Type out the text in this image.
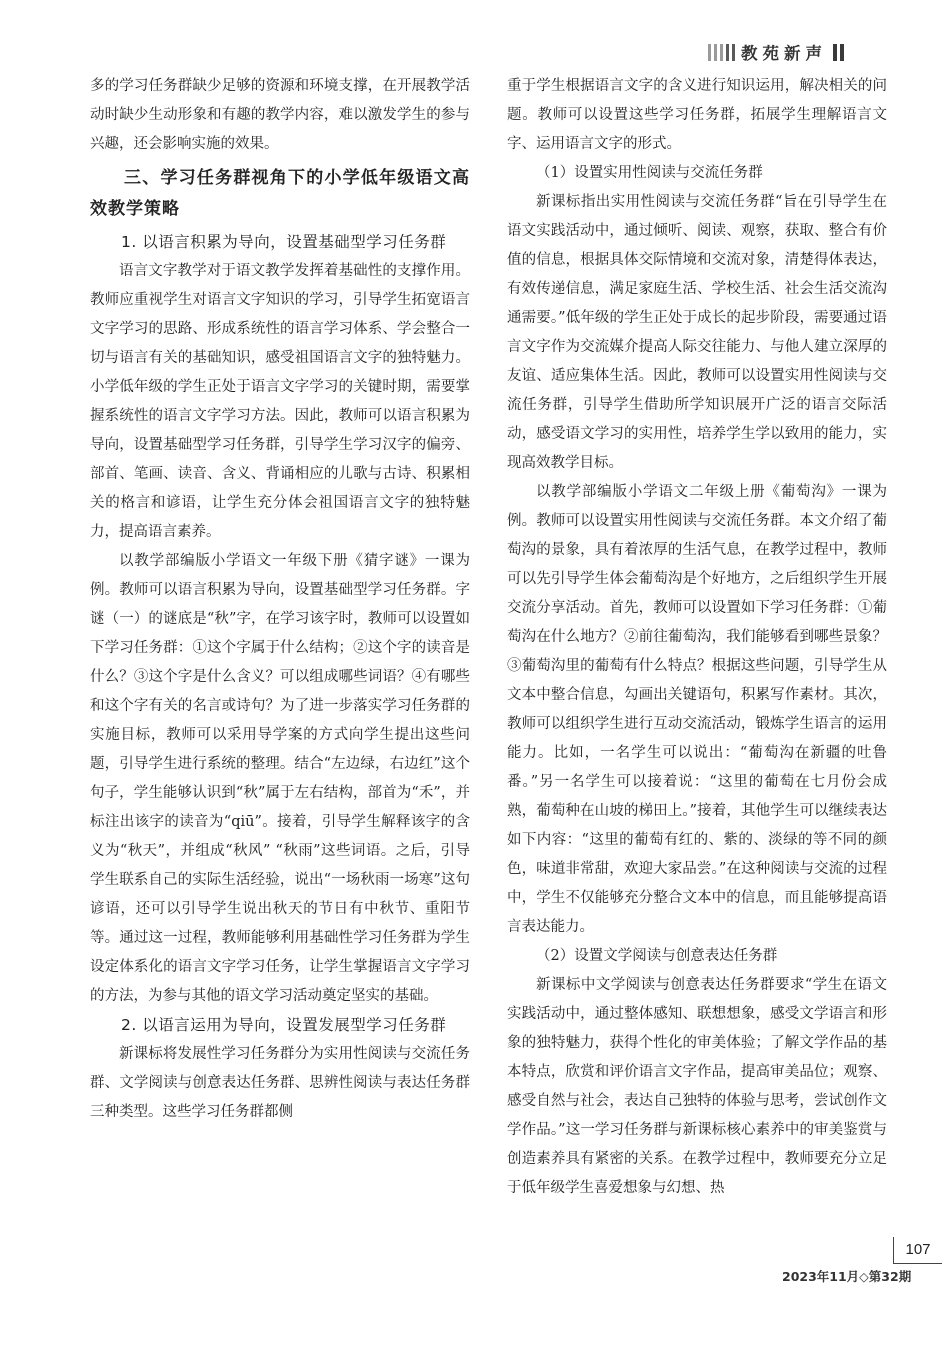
教苑新声

多的学习任务群缺少足够的资源和环境支撑，在开展教学活动时缺少生动形象和有趣的教学内容，难以激发学生的参与兴趣，还会影响实施的效果。

三、学习任务群视角下的小学低年级语文高效教学策略
1. 以语言积累为导向，设置基础型学习任务群

语言文字教学对于语文教学发挥着基础性的支撑作用。教师应重视学生对语言文字知识的学习，引导学生拓宽语言文字学习的思路、形成系统性的语言学习体系、学会整合一切与语言有关的基础知识，感受祖国语言文字的独特魅力。小学低年级的学生正处于语言文字学习的关键时期，需要掌握系统性的语言文字学习方法。因此，教师可以语言积累为导向，设置基础型学习任务群，引导学生学习汉字的偏旁、部首、笔画、读音、含义、背诵相应的儿歌与古诗、积累相关的格言和谚语，让学生充分体会祖国语言文字的独特魅力，提高语言素养。

以教学部编版小学语文一年级下册《猜字谜》一课为例。教师可以语言积累为导向，设置基础型学习任务群。字谜（一）的谜底是“秋”字，在学习该字时，教师可以设置如下学习任务群：①这个字属于什么结构；②这个字的读音是什么？③这个字是什么含义？可以组成哪些词语？④有哪些和这个字有关的名言或诗句？为了进一步落实学习任务群的实施目标，教师可以采用导学案的方式向学生提出这些问题，引导学生进行系统的整理。结合“左边绿，右边红”这个句子，学生能够认识到“秋”属于左右结构，部首为“禾”，并标注出该字的读音为“qiū”。接着，引导学生解释该字的含义为“秋天”，并组成“秋风” “秋雨”这些词语。之后，引导学生联系自己的实际生活经验，说出“一场秋雨一场寒”这句谚语，还可以引导学生说出秋天的节日有中秋节、重阳节等。通过这一过程，教师能够利用基础性学习任务群为学生设定体系化的语言文字学习任务，让学生掌握语言文字学习的方法，为参与其他的语文学习活动奠定坚实的基础。

2. 以语言运用为导向，设置发展型学习任务群

新课标将发展性学习任务群分为实用性阅读与交流任务群、文学阅读与创意表达任务群、思辨性阅读与表达任务群三种类型。这些学习任务群都侧

重于学生根据语言文字的含义进行知识运用，解决相关的问题。教师可以设置这些学习任务群，拓展学生理解语言文字、运用语言文字的形式。

（1）设置实用性阅读与交流任务群

新课标指出实用性阅读与交流任务群“旨在引导学生在语文实践活动中，通过倾听、阅读、观察，获取、整合有价值的信息，根据具体交际情境和交流对象，清楚得体表达，有效传递信息，满足家庭生活、学校生活、社会生活交流沟通需要。”低年级的学生正处于成长的起步阶段，需要通过语言文字作为交流媒介提高人际交往能力、与他人建立深厚的友谊、适应集体生活。因此，教师可以设置实用性阅读与交流任务群，引导学生借助所学知识展开广泛的语言交际活动，感受语文学习的实用性，培养学生学以致用的能力，实现高效教学目标。

以教学部编版小学语文二年级上册《葡萄沟》一课为例。教师可以设置实用性阅读与交流任务群。本文介绍了葡萄沟的景象，具有着浓厚的生活气息，在教学过程中，教师可以先引导学生体会葡萄沟是个好地方，之后组织学生开展交流分享活动。首先，教师可以设置如下学习任务群：①葡萄沟在什么地方？②前往葡萄沟，我们能够看到哪些景象？③葡萄沟里的葡萄有什么特点？根据这些问题，引导学生从文本中整合信息，勾画出关键语句，积累写作素材。其次，教师可以组织学生进行互动交流活动，锻炼学生语言的运用能力。比如，一名学生可以说出：“葡萄沟在新疆的吐鲁番。”另一名学生可以接着说：“这里的葡萄在七月份会成熟，葡萄种在山坡的梯田上。”接着，其他学生可以继续表达如下内容：“这里的葡萄有红的、紫的、淡绿的等不同的颜色，味道非常甜，欢迎大家品尝。”在这种阅读与交流的过程中，学生不仅能够充分整合文本中的信息，而且能够提高语言表达能力。

（2）设置文学阅读与创意表达任务群

新课标中文学阅读与创意表达任务群要求“学生在语文实践活动中，通过整体感知、联想想象，感受文学语言和形象的独特魅力，获得个性化的审美体验；了解文学作品的基本特点，欣赏和评价语言文字作品，提高审美品位；观察、感受自然与社会，表达自己独特的体验与思考，尝试创作文学作品。”这一学习任务群与新课标核心素养中的审美鉴赏与创造素养具有紧密的关系。在教学过程中，教师要充分立足于低年级学生喜爱想象与幻想、热

107
2023年11月◇第32期
